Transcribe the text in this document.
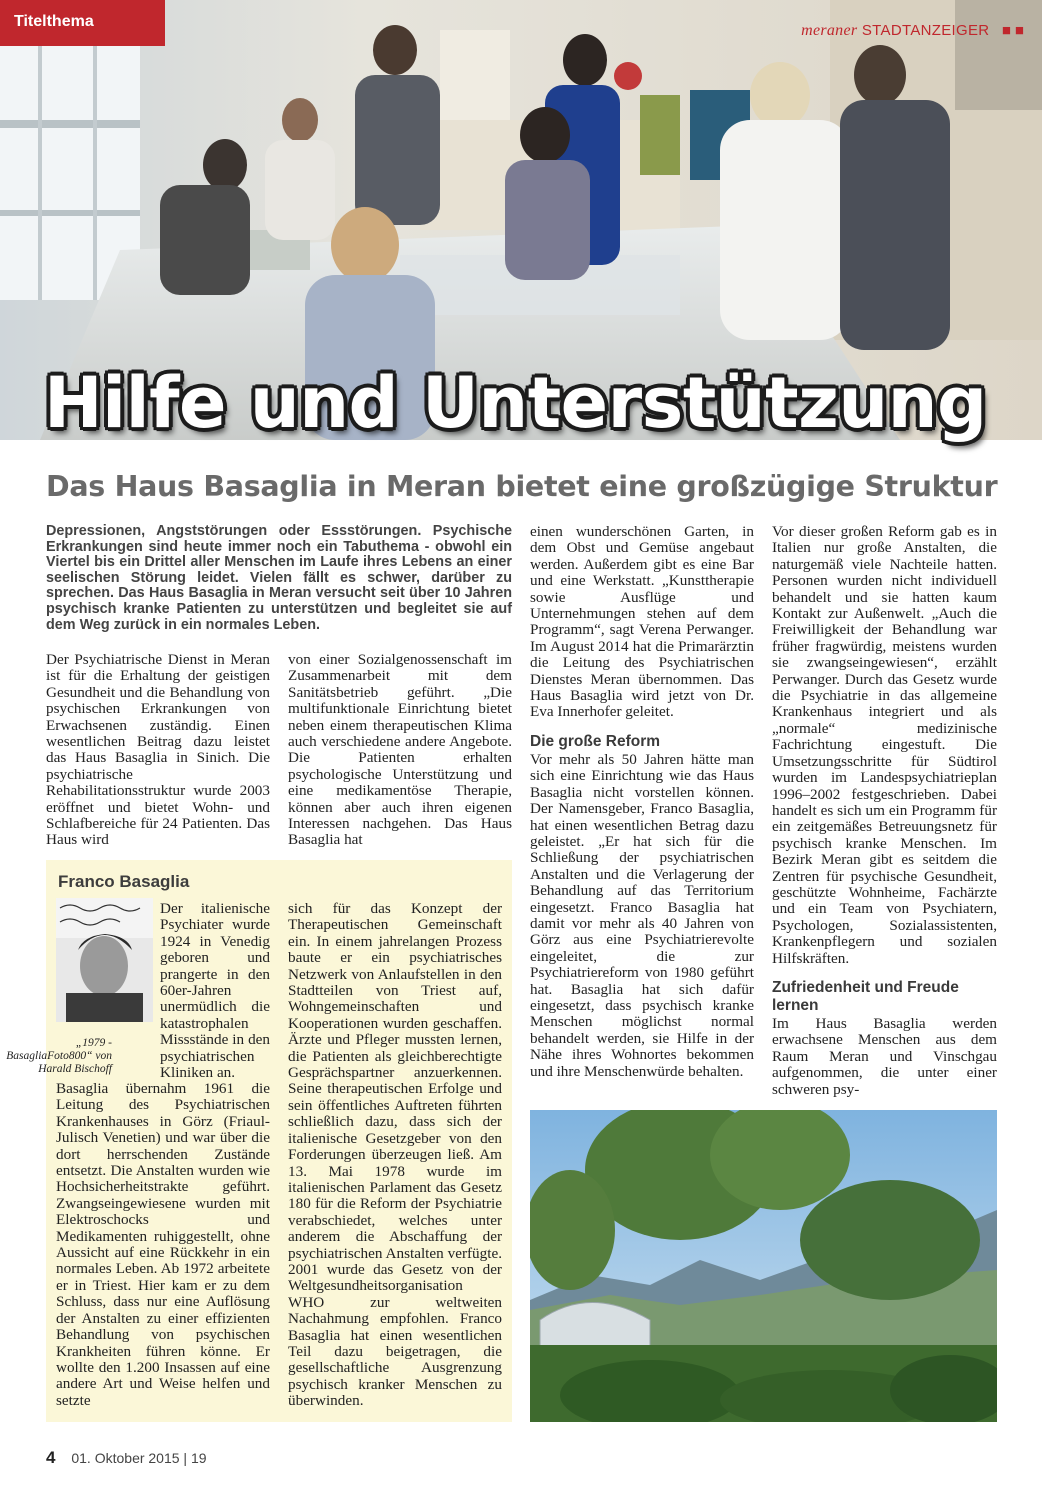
Titelthema
meraner STADTANZEIGER ■■
Hilfe und Unterstützung
Das Haus Basaglia in Meran bietet eine großzügige Struktur
Depressionen, Angststörungen oder Essstörungen. Psychische Erkrankungen sind heute immer noch ein Tabuthema - obwohl ein Viertel bis ein Drittel aller Menschen im Laufe ihres Lebens an einer seelischen Störung leidet. Vielen fällt es schwer, darüber zu sprechen. Das Haus Basaglia in Meran versucht seit über 10 Jahren psychisch kranke Patienten zu unterstützen und begleitet sie auf dem Weg zurück in ein normales Leben.

Der Psychiatrische Dienst in Meran ist für die Erhaltung der geistigen Gesundheit und die Behandlung von psychischen Erkrankungen von Erwachsenen zuständig. Einen wesentlichen Beitrag dazu leistet das Haus Basaglia in Sinich. Die psychiatrische Rehabilitationsstruktur wurde 2003 eröffnet und bietet Wohn- und Schlafbereiche für 24 Patienten. Das Haus wird

von einer Sozialgenossenschaft im Zusammenarbeit mit dem Sanitätsbetrieb geführt. „Die multifunktionale Einrichtung bietet neben einem therapeutischen Klima auch verschiedene andere Angebote. Die Patienten erhalten psychologische Unterstützung und eine medikamentöse Therapie, können aber auch ihren eigenen Interessen nachgehen. Das Haus Basaglia hat

einen wunderschönen Garten, in dem Obst und Gemüse angebaut werden. Außerdem gibt es eine Bar und eine Werkstatt. „Kunsttherapie sowie Ausflüge und Unternehmungen stehen auf dem Programm“, sagt Verena Perwanger. Im August 2014 hat die Primarärztin die Leitung des Psychiatrischen Dienstes Meran übernommen. Das Haus Basaglia wird jetzt von Dr. Eva Innerhofer geleitet.

Die große Reform

Vor mehr als 50 Jahren hätte man sich eine Einrichtung wie das Haus Basaglia nicht vorstellen können. Der Namensgeber, Franco Basaglia, hat einen wesentlichen Betrag dazu geleistet. „Er hat sich für die Schließung der psychiatrischen Anstalten und die Verlagerung der Behandlung auf das Territorium eingesetzt. Franco Basaglia hat damit vor mehr als 40 Jahren von Görz aus eine Psychiatrierevolte eingeleitet, die zur Psychiatriereform von 1980 geführt hat. Basaglia hat sich dafür eingesetzt, dass psychisch kranke Menschen möglichst normal behandelt werden, sie Hilfe in der Nähe ihres Wohnortes bekommen und ihre Menschenwürde behalten.

Vor dieser großen Reform gab es in Italien nur große Anstalten, die naturgemäß viele Nachteile hatten. Personen wurden nicht individuell behandelt und sie hatten kaum Kontakt zur Außenwelt. „Auch die Freiwilligkeit der Behandlung war früher fragwürdig, meistens wurden sie zwangseingewiesen“, erzählt Perwanger. Durch das Gesetz wurde die Psychiatrie in das allgemeine Krankenhaus integriert und als „normale“ medizinische Fachrichtung eingestuft. Die Umsetzungsschritte für Südtirol wurden im Landespsychiatrieplan 1996–2002 festgeschrieben. Dabei handelt es sich um ein Programm für ein zeitgemäßes Betreuungsnetz für psychisch kranke Menschen. Im Bezirk Meran gibt es seitdem die Zentren für psychische Gesundheit, geschützte Wohnheime, Fachärzte und ein Team von Psychiatern, Psychologen, Sozialassistenten, Krankenpflegern und sozialen Hilfskräften.

Zufriedenheit und Freude lernen

Im Haus Basaglia werden erwachsene Menschen aus dem Raum Meran und Vinschgau aufgenommen, die unter einer schweren psy-

Franco Basaglia
Der italienische Psychiater wurde 1924 in Venedig geboren und prangerte in den 60er-Jahren unermüdlich die katastrophalen Missstände in den psychiatrischen Kliniken an.
Basaglia übernahm 1961 die Leitung des Psychiatrischen Krankenhauses in Görz (Friaul-Julisch Venetien) und war über die dort herrschenden Zustände entsetzt. Die Anstalten wurden wie Hochsicherheitstrakte geführt. Zwangseingewiesene wurden mit Elektroschocks und Medikamenten ruhiggestellt, ohne Aussicht auf eine Rückkehr in ein normales Leben. Ab 1972 arbeitete er in Triest. Hier kam er zu dem Schluss, dass nur eine Auflösung der Anstalten zu einer effizienten Behandlung von psychischen Krankheiten führen könne. Er wollte den 1.200 Insassen auf eine andere Art und Weise helfen und setzte
sich für das Konzept der Therapeutischen Gemeinschaft ein. In einem jahrelangen Prozess baute er ein psychiatrisches Netzwerk von Anlaufstellen in den Stadtteilen von Triest auf, Wohngemeinschaften und Kooperationen wurden geschaffen. Ärzte und Pfleger mussten lernen, die Patienten als gleichberechtigte Gesprächspartner anzuerkennen. Seine therapeutischen Erfolge und sein öffentliches Auftreten führten schließlich dazu, dass sich der italienische Gesetzgeber von den Forderungen überzeugen ließ. Am 13. Mai 1978 wurde im italienischen Parlament das Gesetz 180 für die Reform der Psychiatrie verabschiedet, welches unter anderem die Abschaffung der psychiatrischen Anstalten verfügte. 2001 wurde das Gesetz von der Weltgesundheitsorganisation WHO zur weltweiten Nachahmung empfohlen. Franco Basaglia hat einen wesentlichen Teil dazu beigetragen, die gesellschaftliche Ausgrenzung psychisch kranker Menschen zu überwinden.
„1979 - BasagliaFoto800“ von Harald Bischoff
4 01. Oktober 2015 | 19
